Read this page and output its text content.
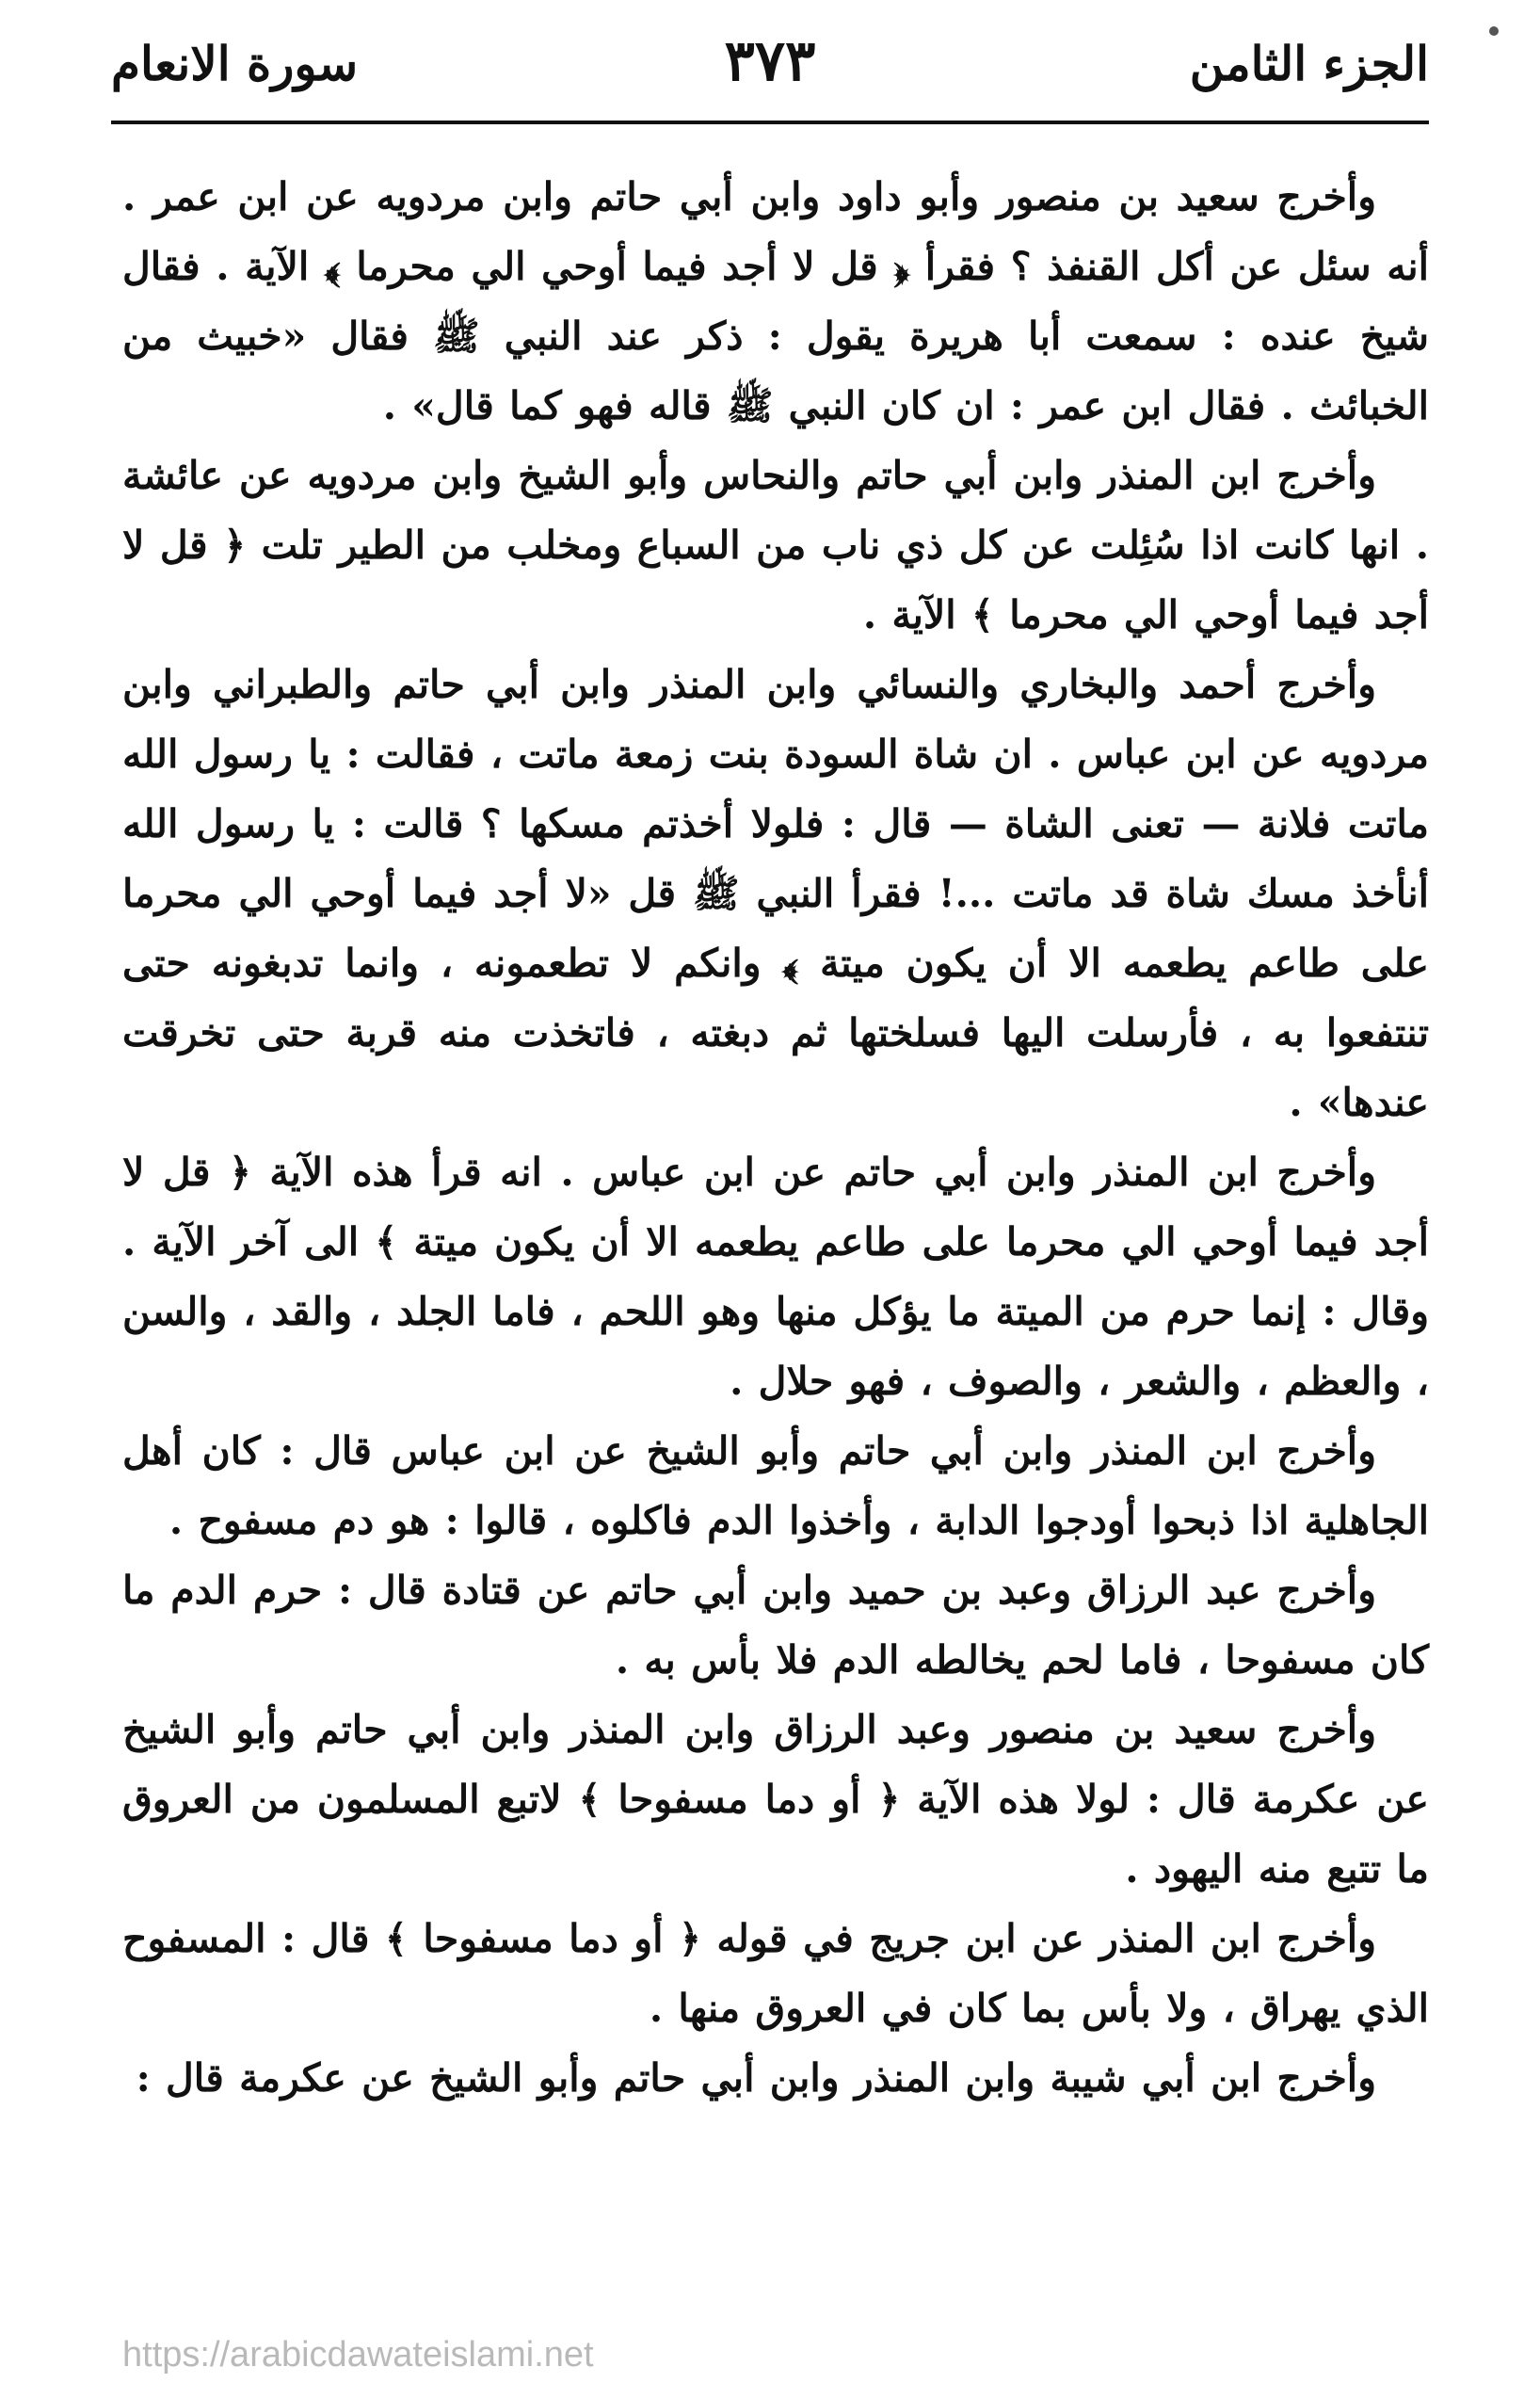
الجزء الثامن
٣٧٣
سورة الانعام

وأخرج سعيد بن منصور وأبو داود وابن أبي حاتم وابن مردويه عن ابن عمر . أنه سئل عن أكل القنفذ ؟ فقرأ ﴿ قل لا أجد فيما أوحي الي محرما ﴾ الآية . فقال شيخ عنده : سمعت أبا هريرة يقول : ذكر عند النبي ﷺ فقال «خبيث من الخبائث . فقال ابن عمر : ان كان النبي ﷺ قاله فهو كما قال» .

وأخرج ابن المنذر وابن أبي حاتم والنحاس وأبو الشيخ وابن مردويه عن عائشة . انها كانت اذا سُئِلت عن كل ذي ناب من السباع ومخلب من الطير تلت ﴿ قل لا أجد فيما أوحي الي محرما ﴾ الآية .

وأخرج أحمد والبخاري والنسائي وابن المنذر وابن أبي حاتم والطبراني وابن مردويه عن ابن عباس . ان شاة السودة بنت زمعة ماتت ، فقالت : يا رسول الله ماتت فلانة — تعنى الشاة — قال : فلولا أخذتم مسكها ؟ قالت : يا رسول الله أنأخذ مسك شاة قد ماتت ...! فقرأ النبي ﷺ قل «لا أجد فيما أوحي الي محرما على طاعم يطعمه الا أن يكون ميتة ﴾ وانكم لا تطعمونه ، وانما تدبغونه حتى تنتفعوا به ، فأرسلت اليها فسلختها ثم دبغته ، فاتخذت منه قربة حتى تخرقت عندها» .

وأخرج ابن المنذر وابن أبي حاتم عن ابن عباس . انه قرأ هذه الآية ﴿ قل لا أجد فيما أوحي الي محرما على طاعم يطعمه الا أن يكون ميتة ﴾ الى آخر الآية . وقال : إنما حرم من الميتة ما يؤكل منها وهو اللحم ، فاما الجلد ، والقد ، والسن ، والعظم ، والشعر ، والصوف ، فهو حلال .

وأخرج ابن المنذر وابن أبي حاتم وأبو الشيخ عن ابن عباس قال : كان أهل الجاهلية اذا ذبحوا أودجوا الدابة ، وأخذوا الدم فاكلوه ، قالوا : هو دم مسفوح .

وأخرج عبد الرزاق وعبد بن حميد وابن أبي حاتم عن قتادة قال : حرم الدم ما كان مسفوحا ، فاما لحم يخالطه الدم فلا بأس به .

وأخرج سعيد بن منصور وعبد الرزاق وابن المنذر وابن أبي حاتم وأبو الشيخ عن عكرمة قال : لولا هذه الآية ﴿ أو دما مسفوحا ﴾ لاتبع المسلمون من العروق ما تتبع منه اليهود .

وأخرج ابن المنذر عن ابن جريج في قوله ﴿ أو دما مسفوحا ﴾ قال : المسفوح الذي يهراق ، ولا بأس بما كان في العروق منها .

وأخرج ابن أبي شيبة وابن المنذر وابن أبي حاتم وأبو الشيخ عن عكرمة قال :

https://arabicdawateislami.net
